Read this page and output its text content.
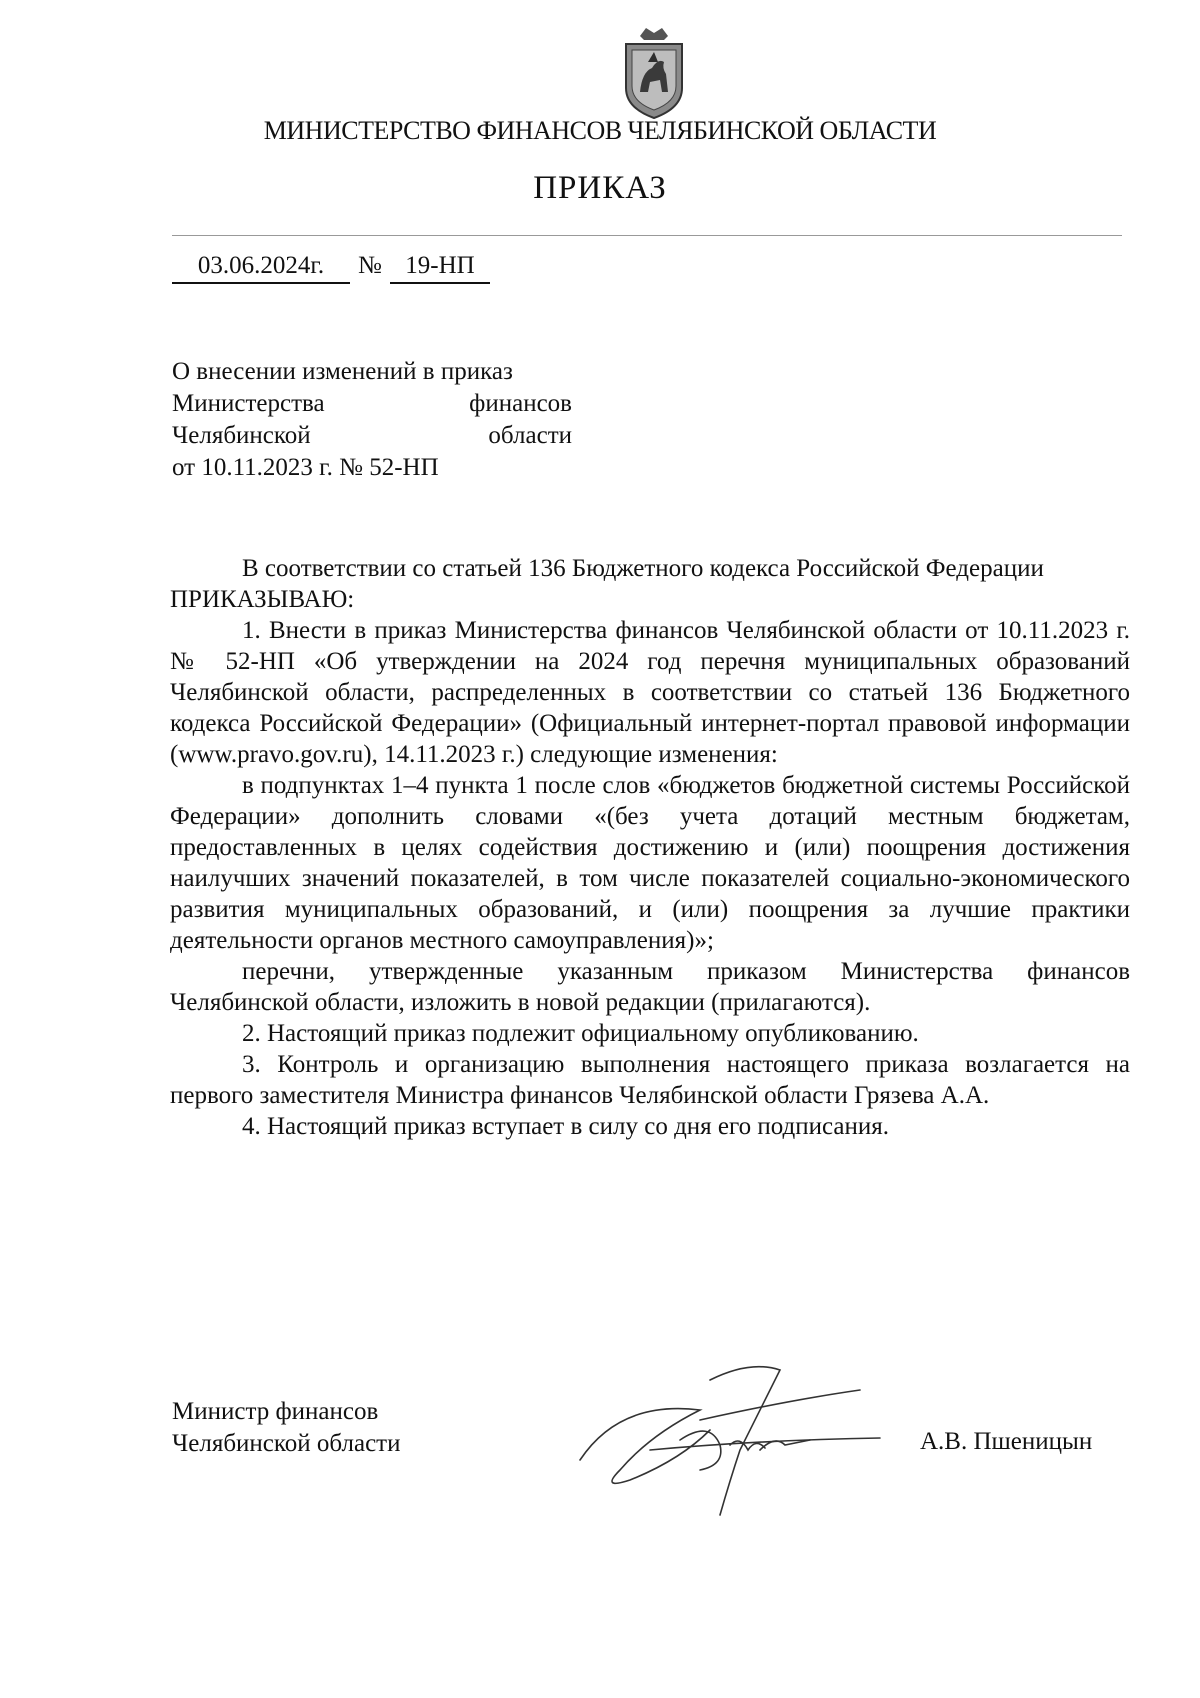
МИНИСТЕРСТВО ФИНАНСОВ ЧЕЛЯБИНСКОЙ ОБЛАСТИ
ПРИКАЗ
03.06.2024г.	№ 19-НП
О внесении изменений в приказ
Министерства финансов
Челябинской области
от 10.11.2023 г. № 52-НП

В соответствии со статьей 136 Бюджетного кодекса Российской Федерации

ПРИКАЗЫВАЮ:

1. Внести в приказ Министерства финансов Челябинской области от 10.11.2023 г. № 52-НП «Об утверждении на 2024 год перечня муниципальных образований Челябинской области, распределенных в соответствии со статьей 136 Бюджетного кодекса Российской Федерации» (Официальный интернет-портал правовой информации (www.pravo.gov.ru), 14.11.2023 г.) следующие изменения:

в подпунктах 1–4 пункта 1 после слов «бюджетов бюджетной системы Российской Федерации» дополнить словами «(без учета дотаций местным бюджетам, предоставленных в целях содействия достижению и (или) поощрения достижения наилучших значений показателей, в том числе показателей социально-экономического развития муниципальных образований, и (или) поощрения за лучшие практики деятельности органов местного самоуправления)»;

перечни, утвержденные указанным приказом Министерства финансов Челябинской области, изложить в новой редакции (прилагаются).

2. Настоящий приказ подлежит официальному опубликованию.

3. Контроль и организацию выполнения настоящего приказа возлагается на первого заместителя Министра финансов Челябинской области Грязева А.А.

4. Настоящий приказ вступает в силу со дня его подписания.

Министр финансов
Челябинской области	А.В. Пшеницын
